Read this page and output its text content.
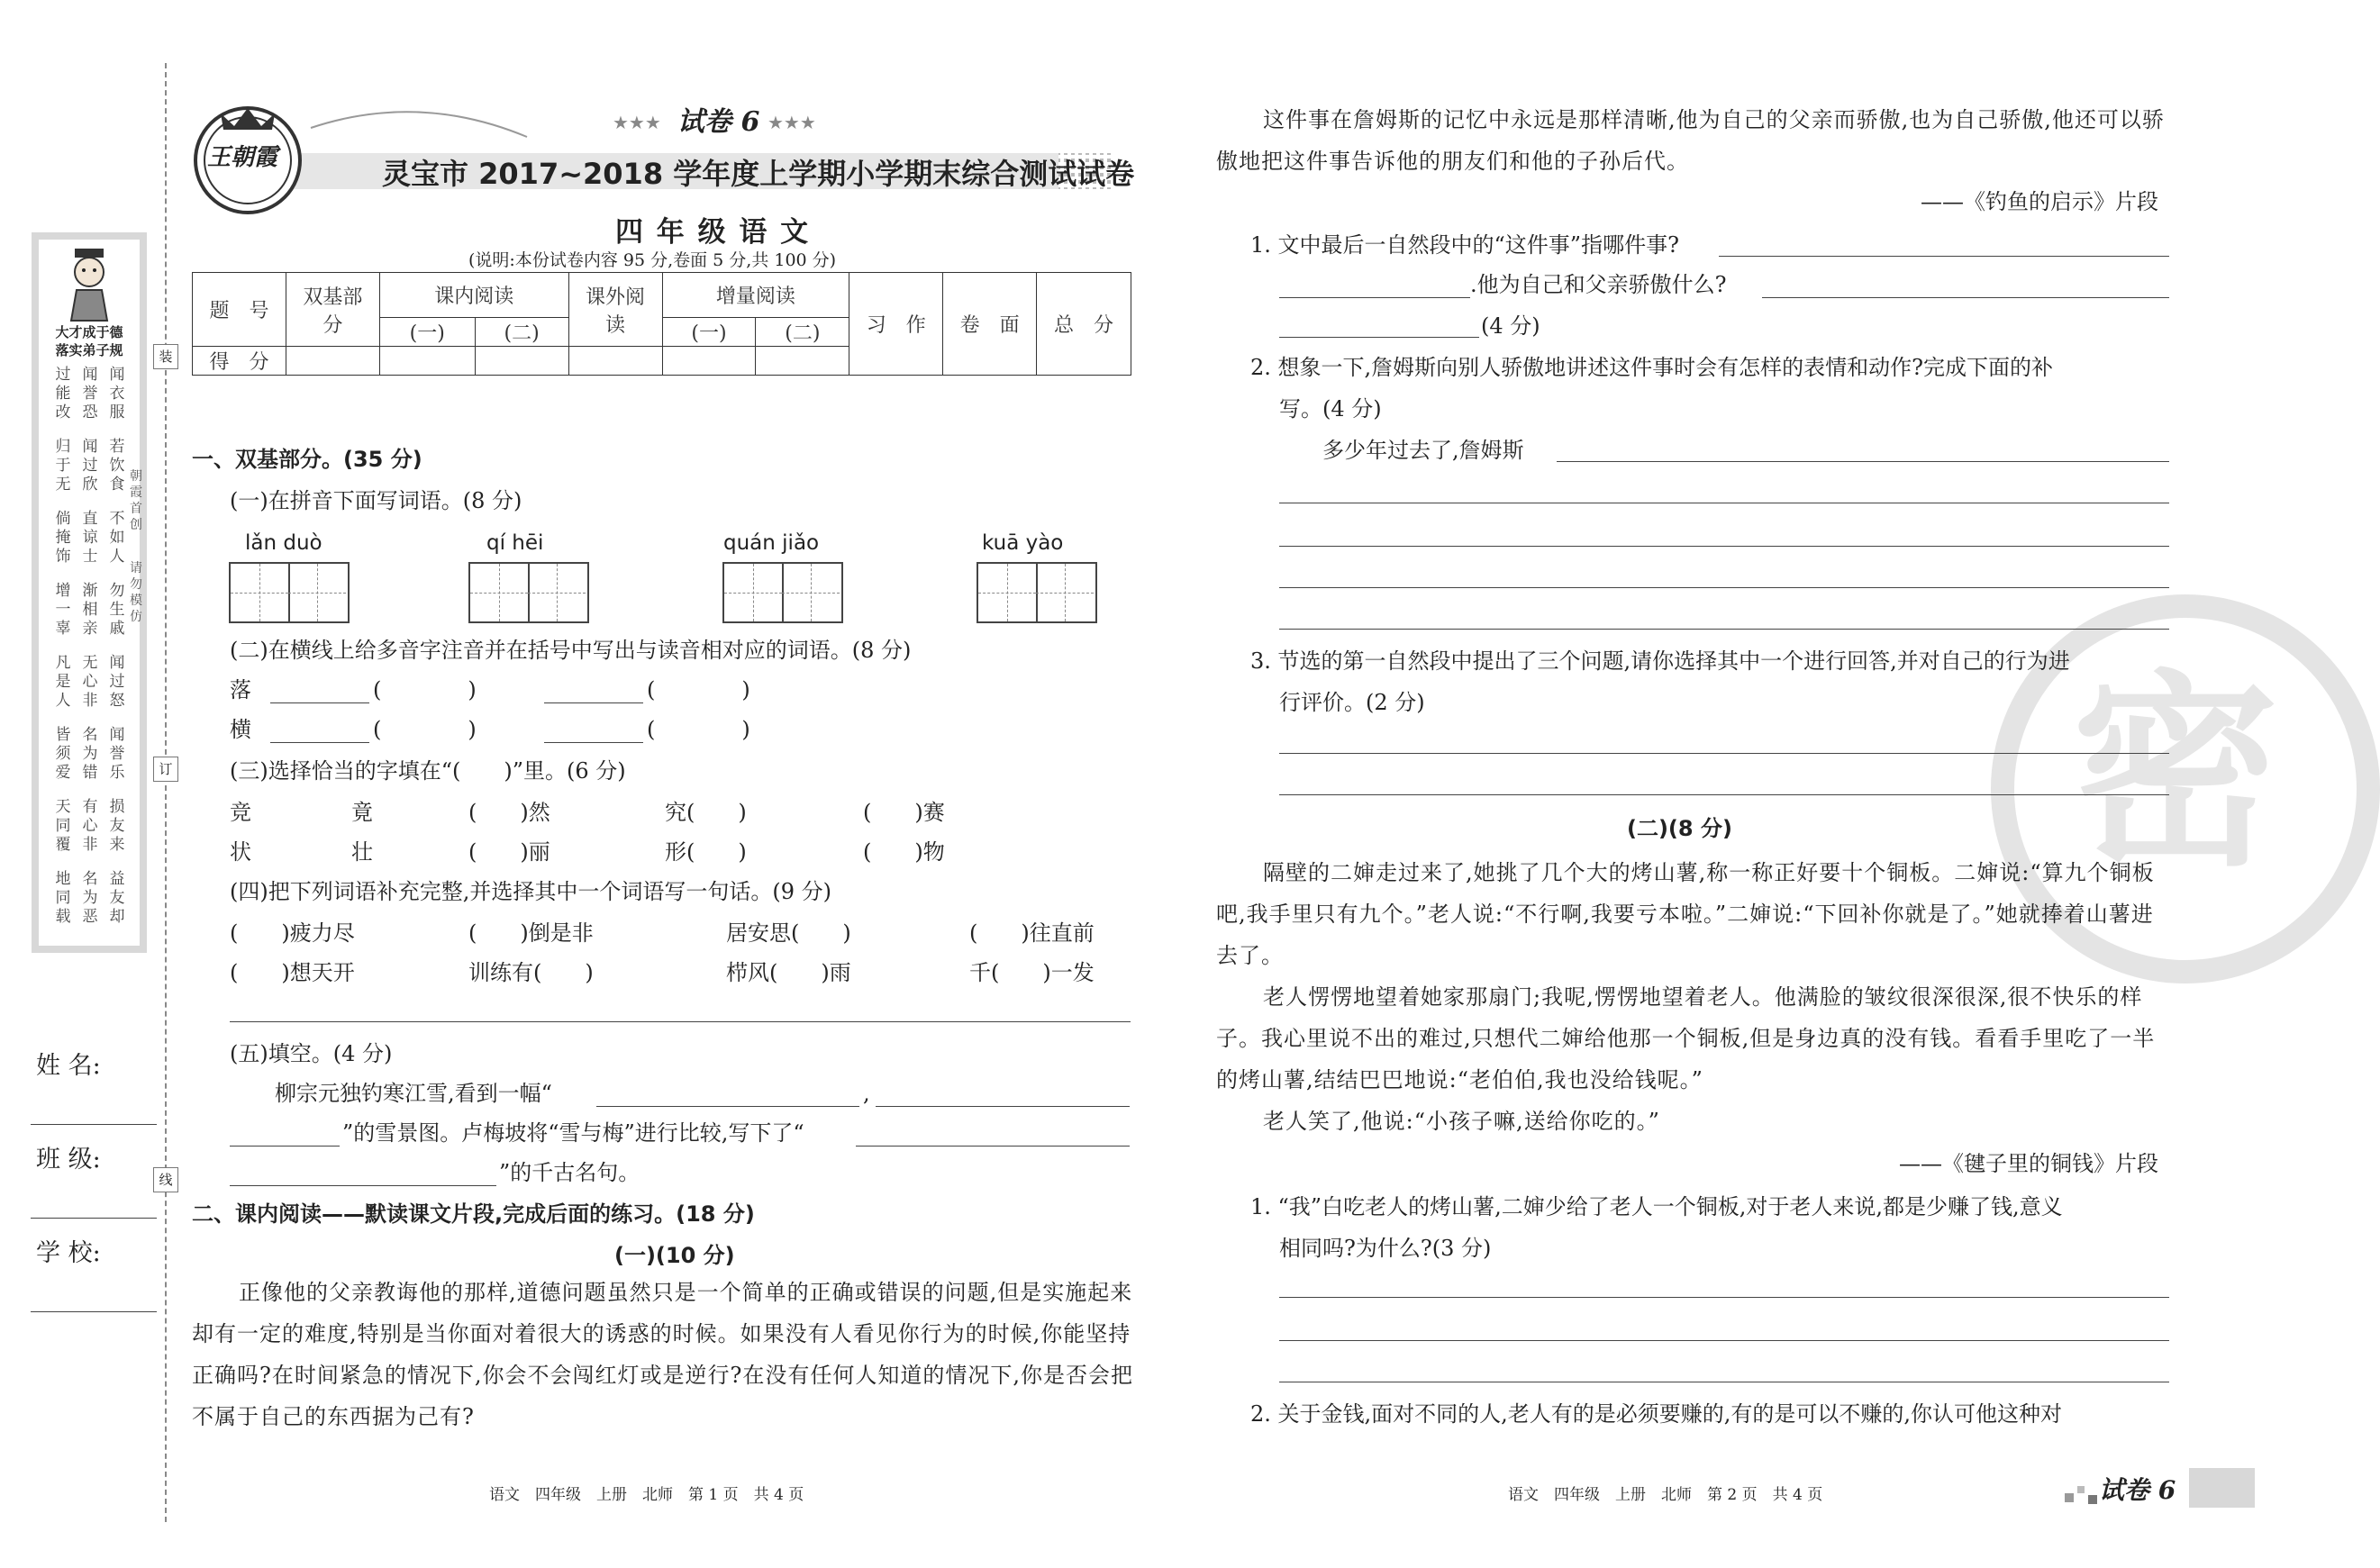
大才成于德
落实弟子规
过能改
闻誉恐
闻衣服
归于无
闻过欣
若饮食
倘掩饰
直谅士
不如人
增一辜
渐相亲
勿生戚
凡是人
无心非
闻过怒
皆须爱
名为错
闻誉乐
天同覆
有心非
损友来
地同载
名为恶
益友却
朝霞首创
请勿模仿
姓 名:
班 级:
学 校:
装
订
线
王朝霞
★★★ 试卷 6 ★★★
灵宝市 2017~2018 学年度上学期小学期末综合测试试卷
四 年 级 语 文
(说明:本份试卷内容 95 分,卷面 5 分,共 100 分)
题　号	双基部分	课内阅读		课外阅读	增量阅读		习　作	卷　面	总　分
		(一)	(二)		(一)	(二)			
得　分									
一、双基部分。(35 分)
(一)在拼音下面写词语。(8 分)
lǎn duò	qí hēi	quán jiǎo	kuā yào
(二)在横线上给多音字注音并在括号中写出与读音相对应的词语。(8 分)
落	(　　　　)	(　　　　)
横	(　　　　)	(　　　　)
(三)选择恰当的字填在“(　　)”里。(6 分)
竞	竟	(　　)然	究(　　)	(　　)赛
状	壮	(　　)丽	形(　　)	(　　)物
(四)把下列词语补充完整,并选择其中一个词语写一句话。(9 分)
(　　)疲力尽	(　　)倒是非	居安思(　　)	(　　)往直前
(　　)想天开	训练有(　　)	栉风(　　)雨	千(　　)一发
(五)填空。(4 分)
柳宗元独钓寒江雪,看到一幅“	,
”的雪景图。卢梅坡将“雪与梅”进行比较,写下了“
”的千古名句。
二、课内阅读——默读课文片段,完成后面的练习。(18 分)
(一)(10 分)
正像他的父亲教诲他的那样,道德问题虽然只是一个简单的正确或错误的问题,但是实施起来却有一定的难度,特别是当你面对着很大的诱惑的时候。如果没有人看见你行为的时候,你能坚持正确吗?在时间紧急的情况下,你会不会闯红灯或是逆行?在没有任何人知道的情况下,你是否会把不属于自己的东西据为己有?
语文　四年级　上册　北师　第 1 页　共 4 页
密
这件事在詹姆斯的记忆中永远是那样清晰,他为自己的父亲而骄傲,也为自己骄傲,他还可以骄傲地把这件事告诉他的朋友们和他的子孙后代。
——《钓鱼的启示》片段
1. 文中最后一自然段中的“这件事”指哪件事?
.他为自己和父亲骄傲什么?
(4 分)
2. 想象一下,詹姆斯向别人骄傲地讲述这件事时会有怎样的表情和动作?完成下面的补
写。(4 分)
多少年过去了,詹姆斯
3. 节选的第一自然段中提出了三个问题,请你选择其中一个进行回答,并对自己的行为进
行评价。(2 分)
(二)(8 分)
隔壁的二婶走过来了,她挑了几个大的烤山薯,称一称正好要十个铜板。二婶说:“算九个铜板吧,我手里只有九个。”老人说:“不行啊,我要亏本啦。”二婶说:“下回补你就是了。”她就捧着山薯进去了。
老人愣愣地望着她家那扇门;我呢,愣愣地望着老人。他满脸的皱纹很深很深,很不快乐的样子。我心里说不出的难过,只想代二婶给他那一个铜板,但是身边真的没有钱。看看手里吃了一半的烤山薯,结结巴巴地说:“老伯伯,我也没给钱呢。”
老人笑了,他说:“小孩子嘛,送给你吃的。”
——《毽子里的铜钱》片段
1. “我”白吃老人的烤山薯,二婶少给了老人一个铜板,对于老人来说,都是少赚了钱,意义
相同吗?为什么?(3 分)
2. 关于金钱,面对不同的人,老人有的是必须要赚的,有的是可以不赚的,你认可他这种对
语文　四年级　上册　北师　第 2 页　共 4 页	试卷 6
